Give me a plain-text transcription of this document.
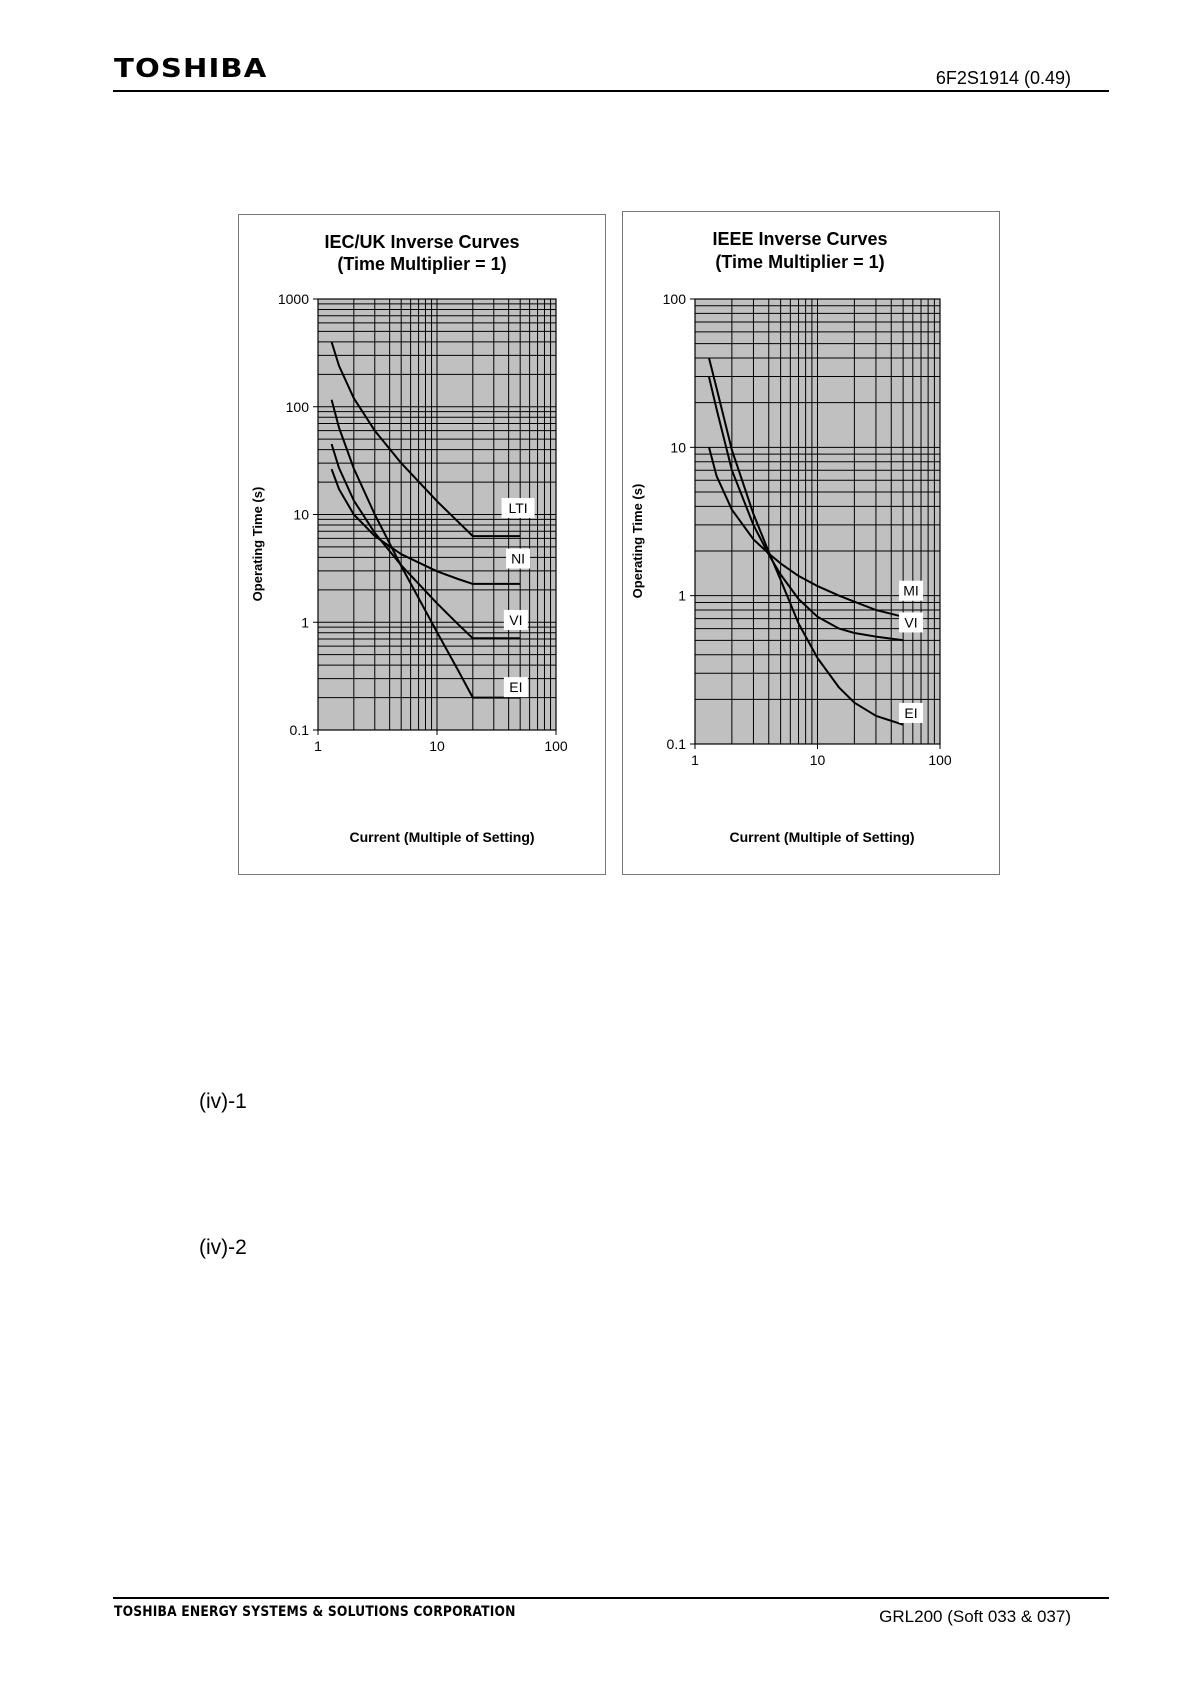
TOSHIBA	6F2S1914 (0.49)
IEC/UK Inverse Curves
(Time Multiplier = 1)
Operating Time (s)
Current (Multiple of Setting)
0.1
1
10
100
1000
1	10	100
LTI
NI
VI
EI
IEEE Inverse Curves
(Time Multiplier = 1)
Operating Time (s)
Current (Multiple of Setting)
0.1
1
10
100
1	10	100
MI
VI
EI
(iv)-1
(iv)-2
TOSHIBA ENERGY SYSTEMS & SOLUTIONS CORPORATION	GRL200 (Soft 033 & 037)
